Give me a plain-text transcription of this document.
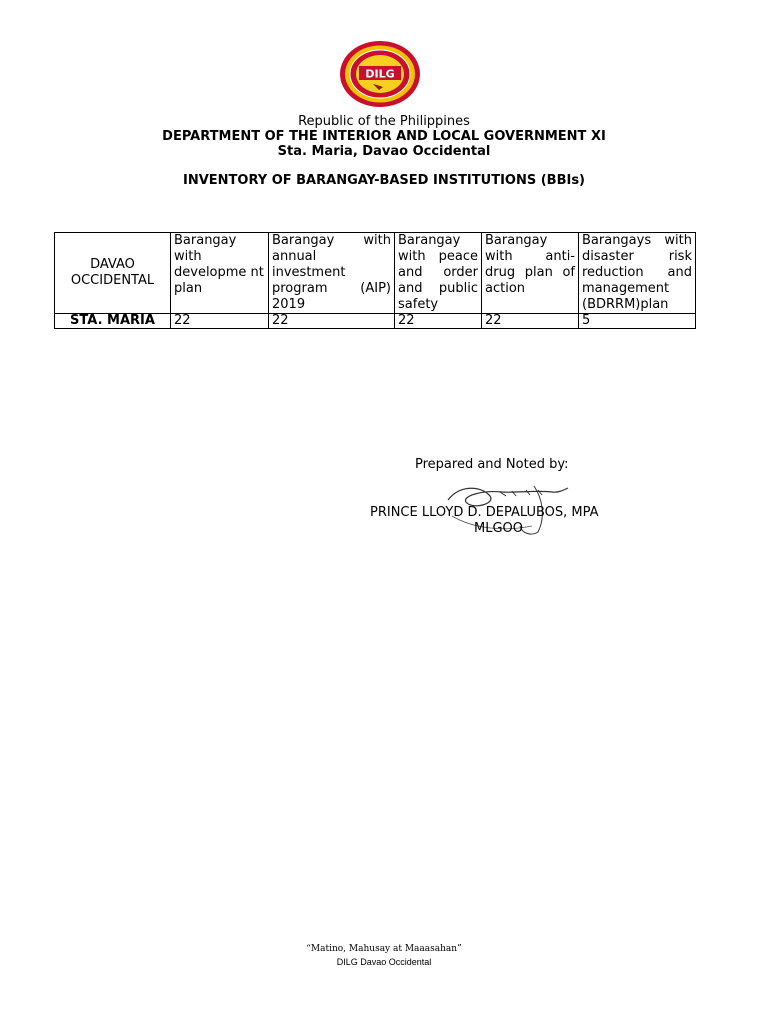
DILG
Republic of the Philippines
DEPARTMENT OF THE INTERIOR AND LOCAL GOVERNMENT XI
Sta. Maria, Davao Occidental
INVENTORY OF BARANGAY-BASED INSTITUTIONS (BBIs)
DAVAO OCCIDENTAL	Barangay with developme nt plan	Barangay with annual investment program (AIP) 2019	Barangay with peace and order and public safety	Barangay with anti-drug plan of action	Barangays with disaster risk reduction and management (BDRRM)plan
STA. MARIA	22	22	22	22	5
Prepared and Noted by:
PRINCE LLOYD D. DEPALUBOS, MPA
MLGOO
“Matino, Mahusay at Maaasahan”
DILG Davao Occidental
